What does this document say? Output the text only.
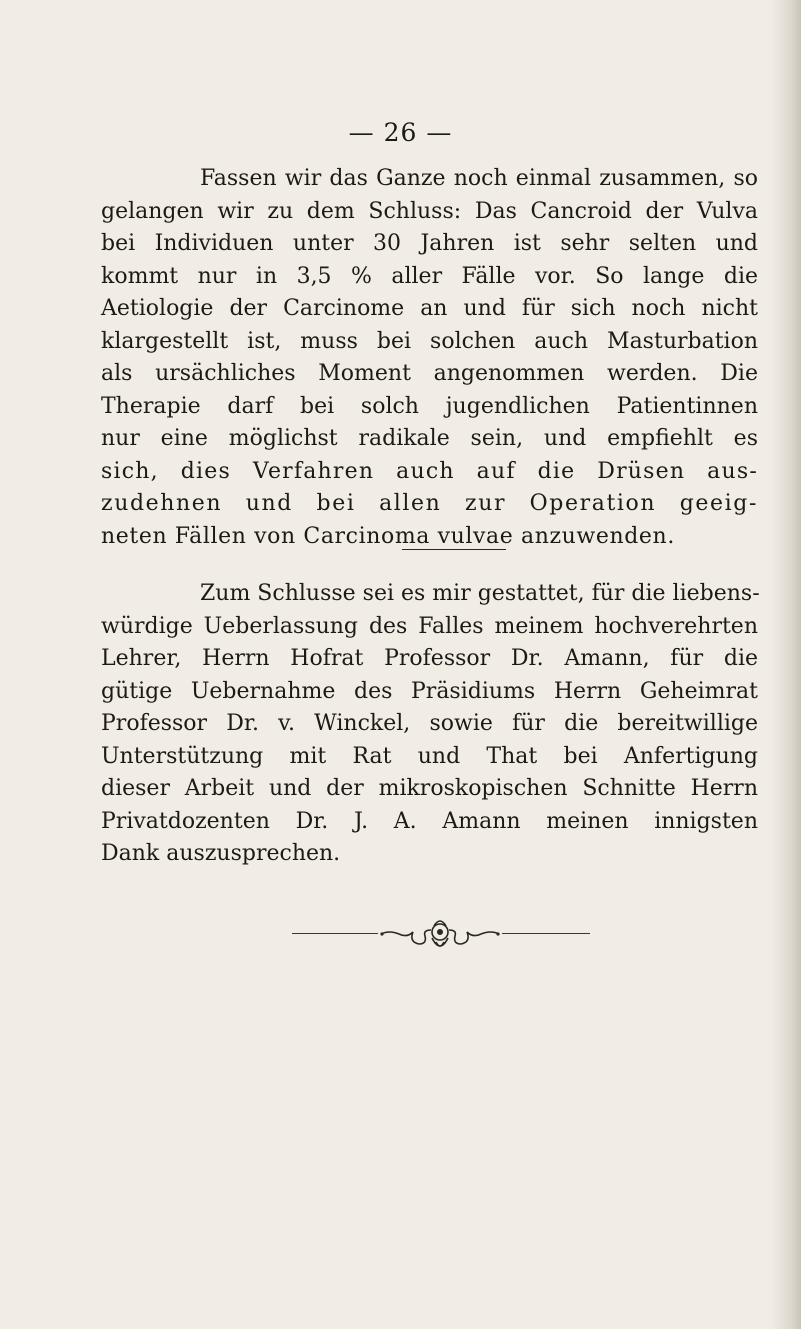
— 26 —
Fassen wir das Ganze noch einmal zusammen, so
gelangen wir zu dem Schluss: Das Cancroid der Vulva
bei Individuen unter 30 Jahren ist sehr selten und
kommt nur in 3,5 % aller Fälle vor. So lange die
Aetiologie der Carcinome an und für sich noch nicht
klargestellt ist, muss bei solchen auch Masturbation
als ursächliches Moment angenommen werden. Die
Therapie darf bei solch jugendlichen Patientinnen
nur eine möglichst radikale sein, und empfiehlt es
sich, dies Verfahren auch auf die Drüsen aus-
zudehnen und bei allen zur Operation geeig-
neten Fällen von Carcinoma vulvae anzuwenden.
Zum Schlusse sei es mir gestattet, für die liebens-
würdige Ueberlassung des Falles meinem hochverehrten
Lehrer, Herrn Hofrat Professor Dr. Amann, für die
gütige Uebernahme des Präsidiums Herrn Geheimrat
Professor Dr. v. Winckel, sowie für die bereitwillige
Unterstützung mit Rat und That bei Anfertigung
dieser Arbeit und der mikroskopischen Schnitte Herrn
Privatdozenten Dr. J. A. Amann meinen innigsten
Dank auszusprechen.
